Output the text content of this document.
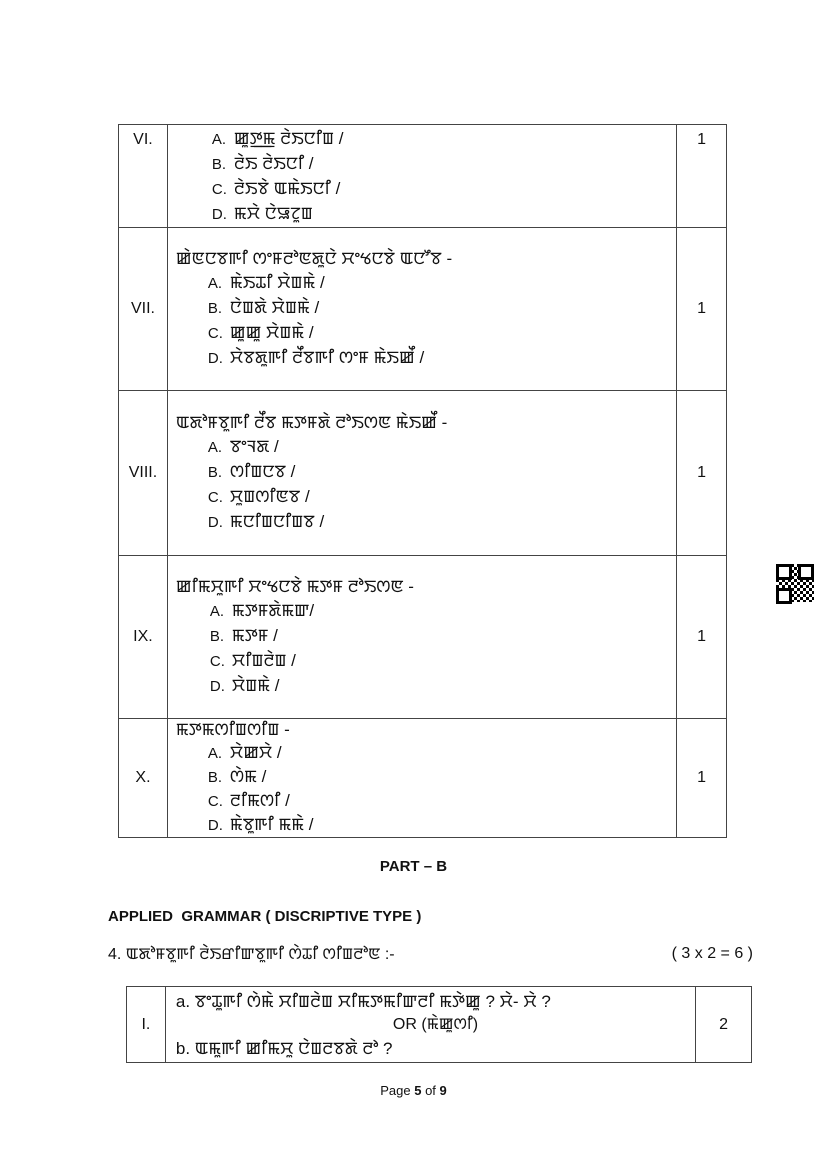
VI.	A. ꯀꯨꯇ꯭ꯃ ꯂꯥꯏꯅꯤꯡ /
B. ꯂꯥꯏ ꯂꯥꯏꯅꯤ /
C. ꯂꯥꯏꯕꯥ ꯑꯃꯥꯏꯅꯤ /
D. ꯃꯆꯥ ꯅꯥꯎꯖꯨꯡ	1
VII.	ꯀꯥꯟꯅꯕꯒꯤ ꯁꯦꯝꯂꯣꯟꯗꯨꯅꯥ ꯆꯦꯠꯅꯕꯥ ꯑꯅꯧꯕ -
A. ꯃꯥꯏꯊꯤ ꯆꯥꯡꯃꯥ /
B. ꯅꯥꯡꯗꯥ ꯆꯥꯡꯃꯥ /
C. ꯀꯨꯀꯨ ꯆꯥꯡꯃꯥ /
D. ꯆꯥꯕꯗꯨꯒꯤ ꯂꯩꯕꯒꯤ ꯁꯦꯝ ꯃꯥꯏꯀꯩ /	1
VIII.	ꯑꯗꯣꯝꯕꯨꯒꯤ ꯂꯩꯕ ꯃꯇꯝꯗꯥ ꯂꯣꯏꯁꯟ ꯃꯥꯏꯀꯩ -
A. ꯕꯦꯜꯗ /
B. ꯁꯤꯡꯅꯕ /
C. ꯆꯨꯡꯁꯤꯟꯕ /
D. ꯃꯅꯤꯡꯅꯤꯡꯕ /	1
IX.	ꯀꯤꯃꯆꯨꯒꯤ ꯆꯦꯠꯅꯕꯥ ꯃꯇꯝ ꯂꯣꯏꯁꯟ -
A. ꯃꯇꯝꯗꯥꯃꯛ/
B. ꯃꯇꯝ /
C. ꯆꯤꯡꯂꯥꯡ /
D. ꯆꯥꯡꯃꯥ /	1
X.	ꯃꯇꯃꯁꯤꯡꯁꯤꯡ -
A. ꯆꯥꯀꯆꯥ /
B. ꯁꯥꯃ /
C. ꯂꯤꯃꯁꯤ /
D. ꯃꯥꯕꯨꯒꯤ ꯃꯃꯥ /	1
PART – B
APPLIED  GRAMMAR ( DISCRIPTIVE TYPE )
4. ꯑꯗꯣꯝꯕꯨꯒꯤ ꯂꯥꯏꯔꯤꯛꯕꯨꯒꯤ ꯁꯥꯊꯤ ꯁꯤꯡꯂꯣꯟ :-	( 3 x 2 = 6 )
I.	
a. ꯕꯦꯊꯨꯒꯤ ꯁꯥꯃꯥ ꯆꯤꯡꯂꯥꯡ ꯆꯤꯃꯇꯃꯤꯛꯂꯤ ꯃꯇꯥꯀꯨ ? ꯆꯥ- ꯆꯥ ?
OR (ꯃꯥꯀꯨꯁꯤ)
b. ꯑꯃꯨꯒꯤ ꯀꯤꯃꯆꯨ ꯅꯥꯡꯂꯕꯗꯥ ꯂꯣ ?
	2
Page 5 of 9
